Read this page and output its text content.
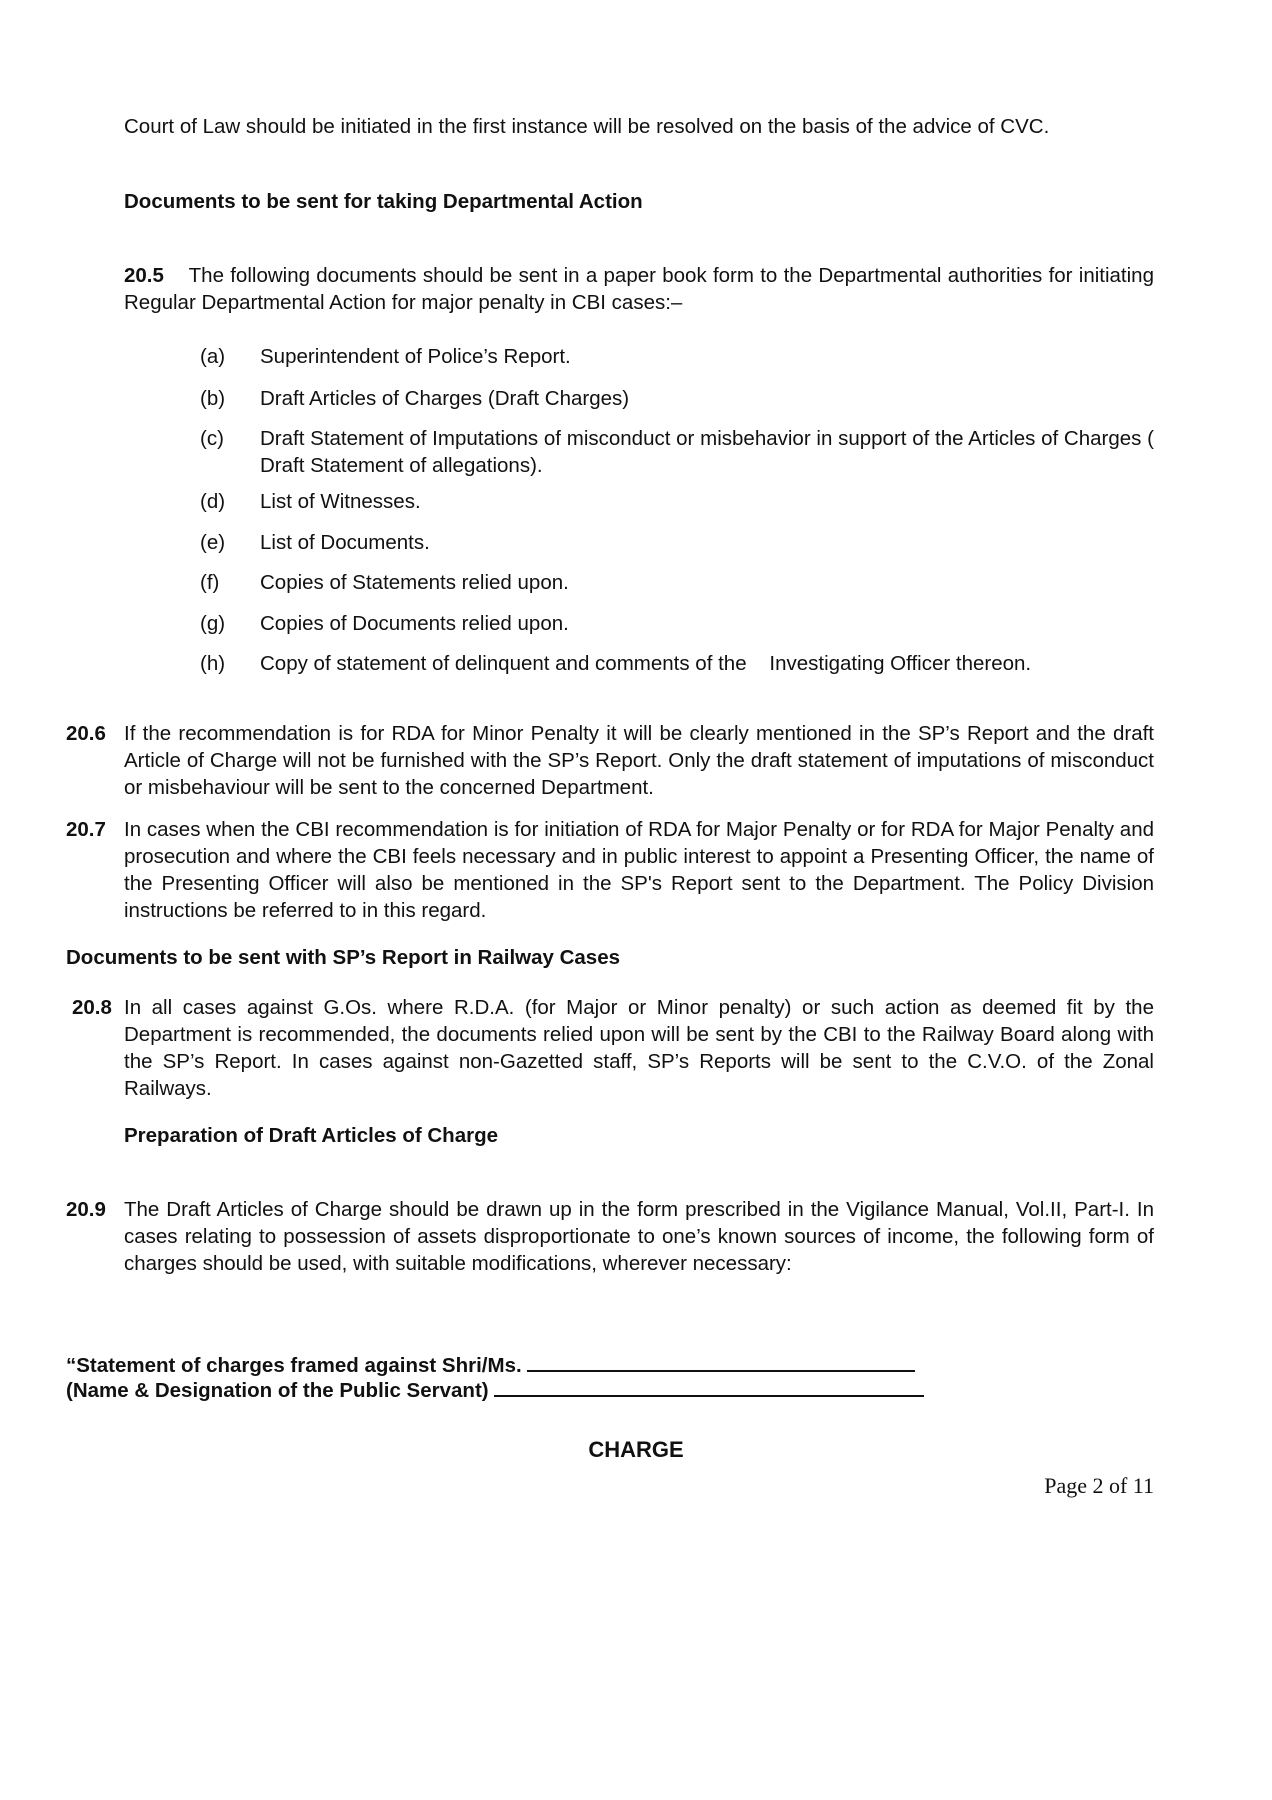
Court of Law should be initiated in the first instance will be resolved on the basis of the advice of CVC.
Documents to be sent for taking Departmental Action
20.5 The following documents should be sent in a paper book form to the Departmental authorities for initiating Regular Departmental Action for major penalty in CBI cases:–
(a) Superintendent of Police’s Report.
(b) Draft Articles of Charges (Draft Charges)
(c) Draft Statement of Imputations of misconduct or misbehavior in support of the Articles of Charges ( Draft Statement of allegations).
(d) List of Witnesses.
(e) List of Documents.
(f) Copies of Statements relied upon.
(g) Copies of Documents relied upon.
(h) Copy of statement of delinquent and comments of the    Investigating Officer thereon.
20.6 If the recommendation is for RDA for Minor Penalty it will be clearly mentioned in the SP’s Report and the draft Article of Charge will not be furnished with the SP’s Report. Only the draft statement of imputations of misconduct or misbehaviour will be sent to the concerned Department.
20.7 In cases when the CBI recommendation is for initiation of RDA for Major Penalty or for RDA for Major Penalty and prosecution and where the CBI feels necessary and in public interest to appoint a Presenting Officer, the name of the Presenting Officer will also be mentioned in the SP's Report sent to the Department. The Policy Division instructions be referred to in this regard.
Documents to be sent with SP’s Report in Railway Cases
20.8 In all cases against G.Os. where R.D.A. (for Major or Minor penalty) or such action as deemed fit by the Department is recommended, the documents relied upon will be sent by the CBI to the Railway Board along with the SP’s Report. In cases against non-Gazetted staff, SP’s Reports will be sent to the C.V.O. of the Zonal Railways.
Preparation of Draft Articles of Charge
20.9 The Draft Articles of Charge should be drawn up in the form prescribed in the Vigilance Manual, Vol.II, Part-I. In cases relating to possession of assets disproportionate to one’s known sources of income, the following form of charges should be used, with suitable modifications, wherever necessary:
“Statement of charges framed against Shri/Ms.
(Name & Designation of the Public Servant)
CHARGE
Page 2 of 11
